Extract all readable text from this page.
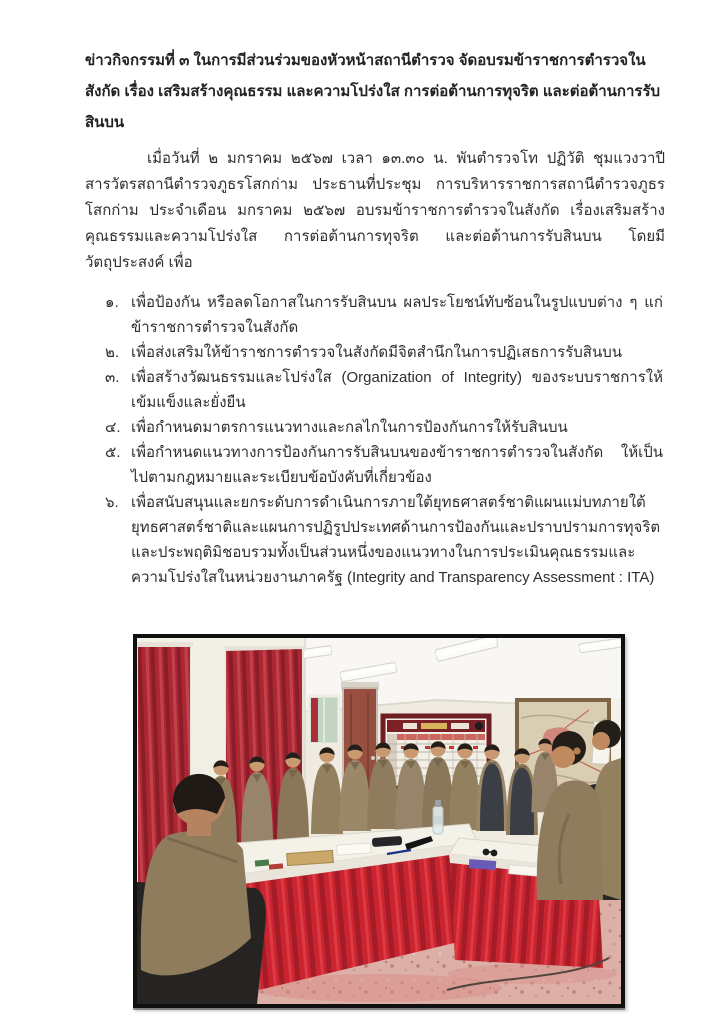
ข่าวกิจกรรมที่ ๓ ในการมีส่วนร่วมของหัวหน้าสถานีตำรวจ จัดอบรมข้าราชการตำรวจในสังกัด เรื่อง เสริมสร้างคุณธรรม และความโปร่งใส การต่อต้านการทุจริต และต่อต้านการรับสินบน

เมื่อวันที่ ๒ มกราคม ๒๕๖๗ เวลา ๑๓.๓๐ น. พันตำรวจโท ปฏิวัติ ชุมแวงวาปี สารวัตรสถานีตำรวจภูธรโสกก่าม ประธานที่ประชุม การบริหารราชการสถานีตำรวจภูธรโสกก่าม ประจำเดือน มกราคม ๒๕๖๗ อบรมข้าราชการตำรวจในสังกัด เรื่องเสริมสร้างคุณธรรมและความโปร่งใส การต่อต้านการทุจริต และต่อต้านการรับสินบน โดยมีวัตถุประสงค์ เพื่อ

๑. เพื่อป้องกัน หรือลดโอกาสในการรับสินบน ผลประโยชน์ทับซ้อนในรูปแบบต่าง ๆ แก่ข้าราชการตำรวจในสังกัด
๒. เพื่อส่งเสริมให้ข้าราชการตำรวจในสังกัดมีจิตสำนึกในการปฏิเสธการรับสินบน
๓. เพื่อสร้างวัฒนธรรมและโปร่งใส (Organization of Integrity) ของระบบราชการให้เข้มแข็งและยั่งยืน
๔. เพื่อกำหนดมาตรการแนวทางและกลไกในการป้องกันการให้รับสินบน
๕. เพื่อกำหนดแนวทางการป้องกันการรับสินบนของข้าราชการตำรวจในสังกัด ให้เป็นไปตามกฎหมายและระเบียบข้อบังคับที่เกี่ยวข้อง
๖. เพื่อสนับสนุนและยกระดับการดำเนินการภายใต้ยุทธศาสตร์ชาติแผนแม่บทภายใต้ยุทธศาสตร์ชาติและแผนการปฏิรูปประเทศด้านการป้องกันและปราบปรามการทุจริตและประพฤติมิชอบรวมทั้งเป็นส่วนหนึ่งของแนวทางในการประเมินคุณธรรมและความโปร่งใสในหน่วยงานภาครัฐ (Integrity and Transparency Assessment : ITA)
